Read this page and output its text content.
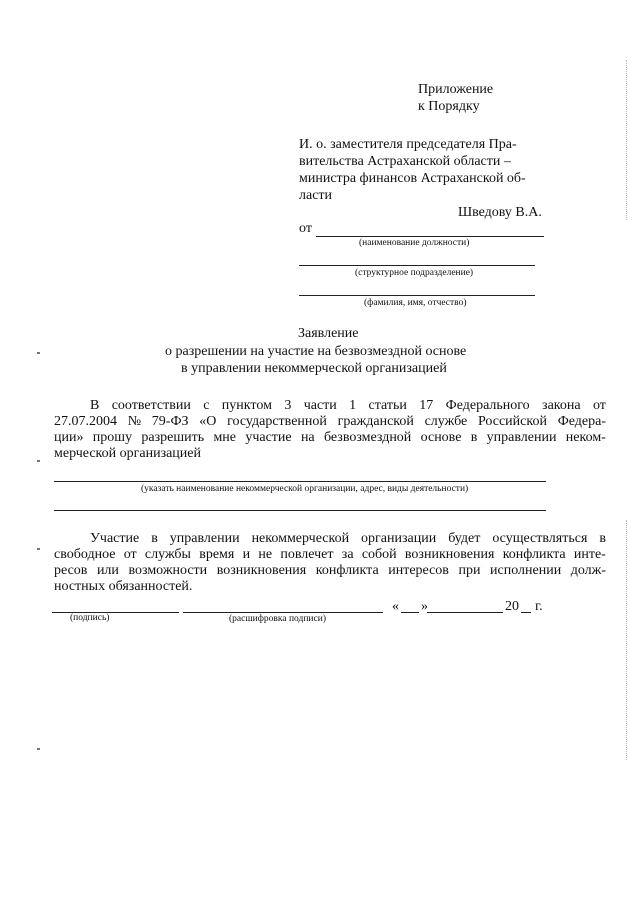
Приложение
к Порядку
И. о. заместителя председателя Пра-
вительства Астраханской области –
министра финансов Астраханской об-
ласти
Шведову В.А.
от
(наименование должности)
(структурное подразделение)
(фамилия, имя, отчество)
Заявление
о разрешении на участие на безвозмездной основе
в управлении некоммерческой организацией
В соответствии с пунктом 3 части 1 статьи 17 Федерального закона от
27.07.2004 № 79-ФЗ «О государственной гражданской службе Российской Федера-
ции» прошу разрешить мне участие на безвозмездной основе в управлении неком-
мерческой организацией
(указать наименование некоммерческой организации, адрес, виды деятельности)
Участие в управлении некоммерческой организации будет осуществляться в
свободное от службы время и не повлечет за собой возникновения конфликта инте-
ресов или возможности возникновения конфликта интересов при исполнении долж-
ностных обязанностей.
« »	20 г.
(подпись)	(расшифровка подписи)
